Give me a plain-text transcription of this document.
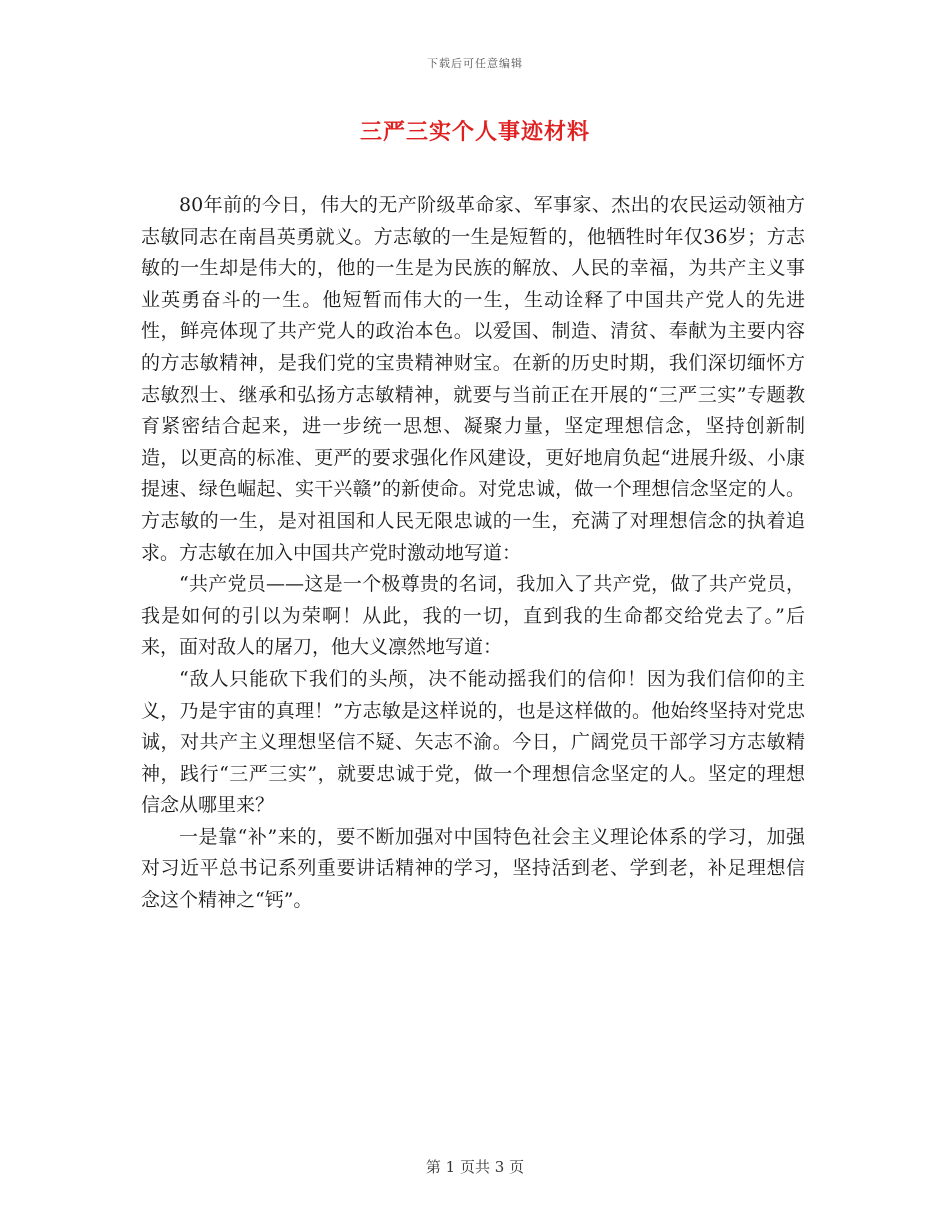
下载后可任意编辑
三严三实个人事迹材料

80年前的今日，伟大的无产阶级革命家、军事家、杰出的农民运动领袖方志敏同志在南昌英勇就义。方志敏的一生是短暂的，他牺牲时年仅36岁；方志敏的一生却是伟大的，他的一生是为民族的解放、人民的幸福，为共产主义事业英勇奋斗的一生。他短暂而伟大的一生，生动诠释了中国共产党人的先进性，鲜亮体现了共产党人的政治本色。以爱国、制造、清贫、奉献为主要内容的方志敏精神，是我们党的宝贵精神财宝。在新的历史时期，我们深切缅怀方志敏烈士、继承和弘扬方志敏精神，就要与当前正在开展的“三严三实”专题教育紧密结合起来，进一步统一思想、凝聚力量，坚定理想信念，坚持创新制造，以更高的标准、更严的要求强化作风建设，更好地肩负起“进展升级、小康提速、绿色崛起、实干兴赣”的新使命。对党忠诚，做一个理想信念坚定的人。方志敏的一生，是对祖国和人民无限忠诚的一生，充满了对理想信念的执着追求。方志敏在加入中国共产党时激动地写道：

“共产党员——这是一个极尊贵的名词，我加入了共产党，做了共产党员，我是如何的引以为荣啊！从此，我的一切，直到我的生命都交给党去了。”后来，面对敌人的屠刀，他大义凛然地写道：

“敌人只能砍下我们的头颅，决不能动摇我们的信仰！因为我们信仰的主义，乃是宇宙的真理！”方志敏是这样说的，也是这样做的。他始终坚持对党忠诚，对共产主义理想坚信不疑、矢志不渝。今日，广阔党员干部学习方志敏精神，践行“三严三实”，就要忠诚于党，做一个理想信念坚定的人。坚定的理想信念从哪里来？

一是靠“补”来的，要不断加强对中国特色社会主义理论体系的学习，加强对习近平总书记系列重要讲话精神的学习，坚持活到老、学到老，补足理想信念这个精神之“钙”。

第 1 页共 3 页
